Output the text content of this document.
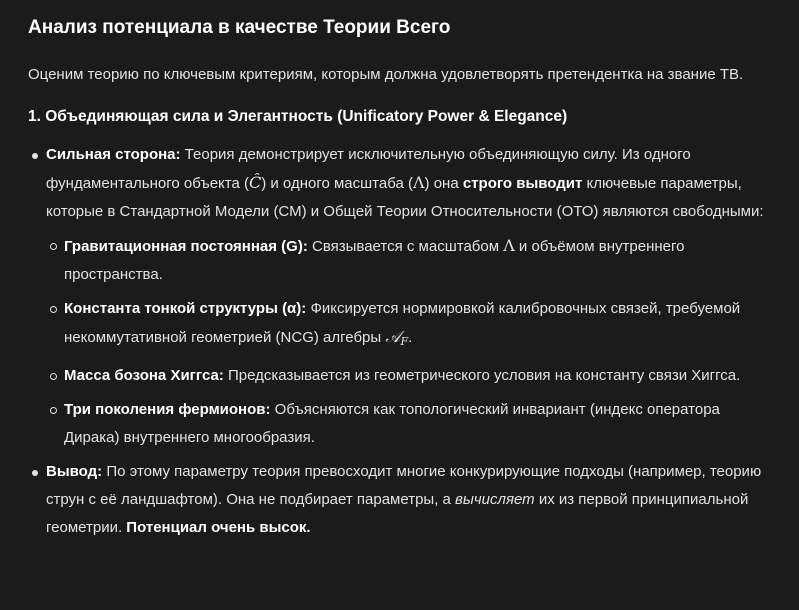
Анализ потенциала в качестве Теории Всего

Оценим теорию по ключевым критериям, которым должна удовлетворять претендентка на звание ТВ.

1. Объединяющая сила и Элегантность (Unificatory Power & Elegance)
Сильная сторона: Теория демонстрирует исключительную объединяющую силу. Из одного фундаментального объекта (Ĉ) и одного масштаба (Λ) она строго выводит ключевые параметры, которые в Стандартной Модели (СМ) и Общей Теории Относительности (ОТО) являются свободными:
Гравитационная постоянная (G): Связывается с масштабом Λ и объёмом внутреннего пространства.
Константа тонкой структуры (α): Фиксируется нормировкой калибровочных связей, требуемой некоммутативной геометрией (NCG) алгебры 𝒜$_F$.
Масса бозона Хиггса: Предсказывается из геометрического условия на константу связи Хиггса.
Три поколения фермионов: Объясняются как топологический инвариант (индекс оператора Дирака) внутреннего многообразия.
Вывод: По этому параметру теория превосходит многие конкурирующие подходы (например, теорию струн с её ландшафтом). Она не подбирает параметры, а вычисляет их из первой принципиальной геометрии. Потенциал очень высок.
